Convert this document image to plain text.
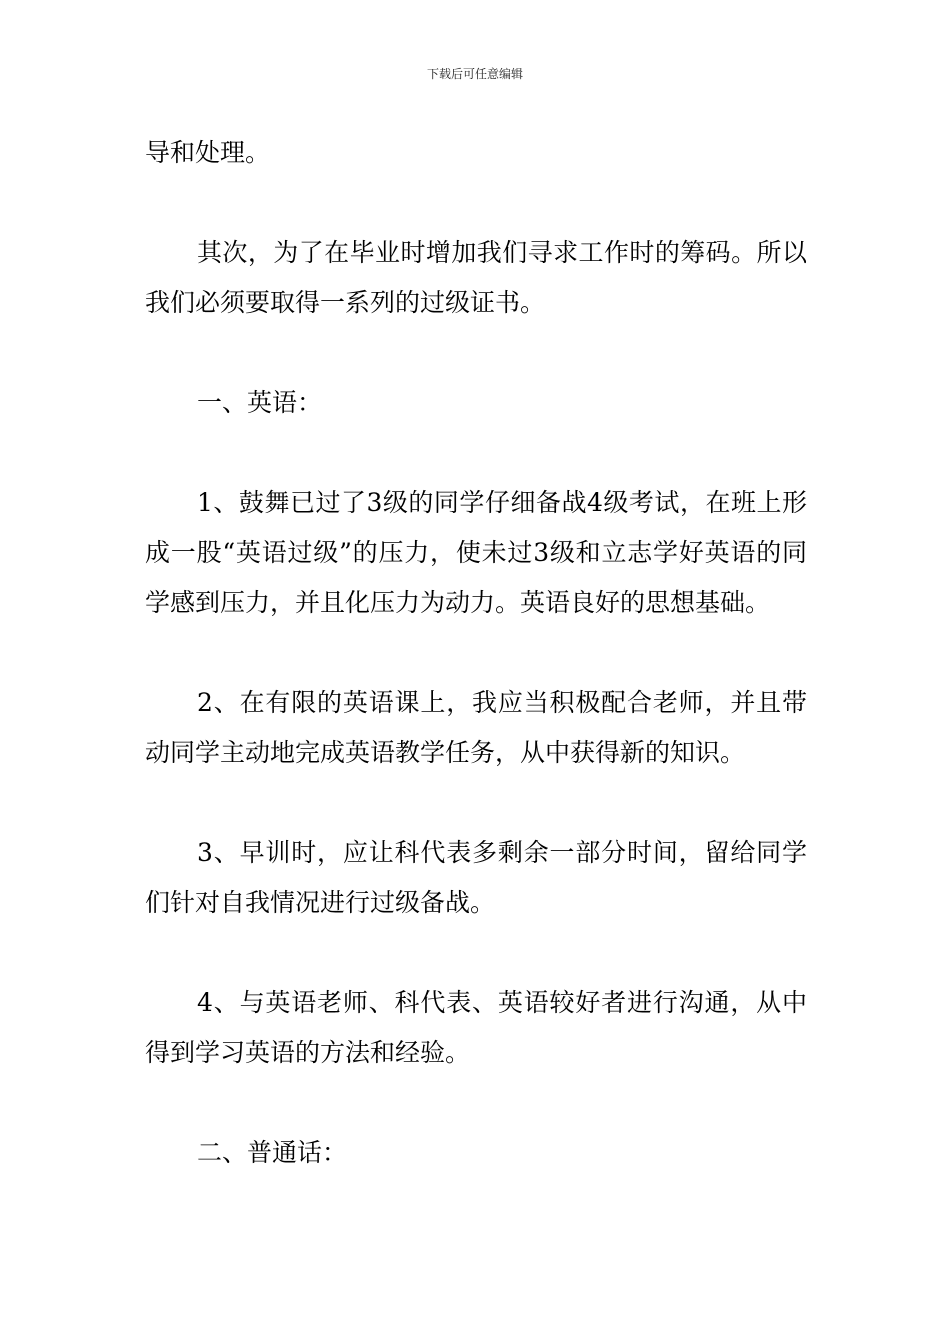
下载后可任意编辑

导和处理。

其次，为了在毕业时增加我们寻求工作时的筹码。所以我们必须要取得一系列的过级证书。

一、英语：

1、鼓舞已过了3级的同学仔细备战4级考试，在班上形成一股“英语过级”的压力，使未过3级和立志学好英语的同学感到压力，并且化压力为动力。英语良好的思想基础。

2、在有限的英语课上，我应当积极配合老师，并且带动同学主动地完成英语教学任务，从中获得新的知识。

3、早训时，应让科代表多剩余一部分时间，留给同学们针对自我情况进行过级备战。

4、与英语老师、科代表、英语较好者进行沟通，从中得到学习英语的方法和经验。

二、普通话：
